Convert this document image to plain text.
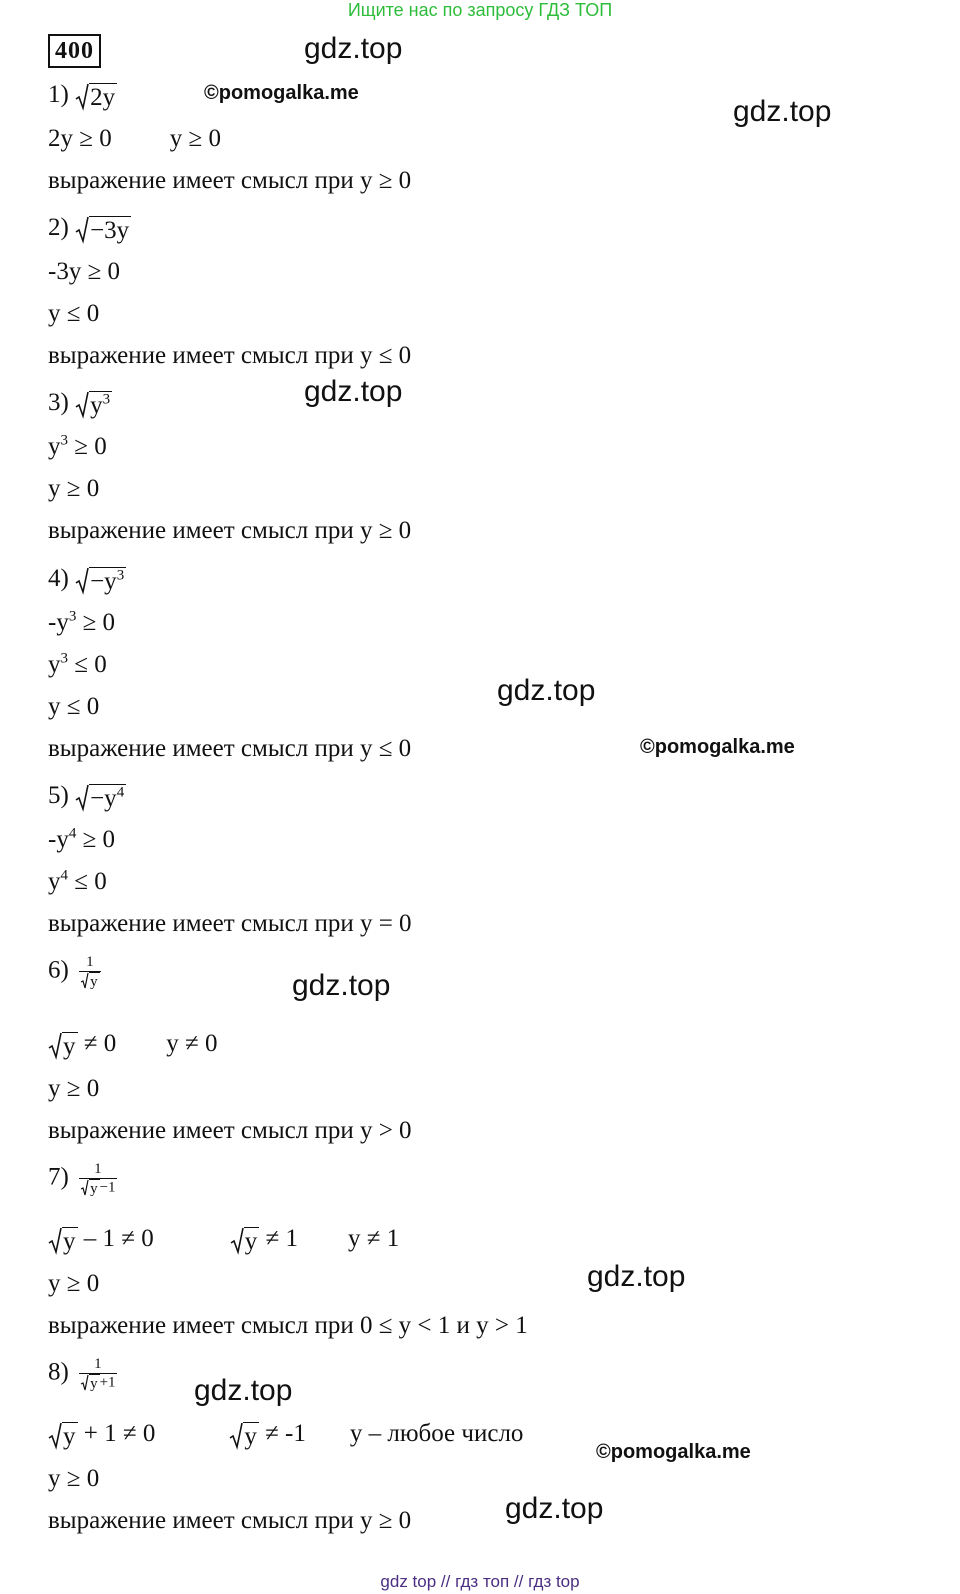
Ищите нас по запросу ГДЗ ТОП
400	gdz.top
©pomogalka.me
gdz.top
gdz.top
gdz.top
©pomogalka.me
gdz.top
gdz.top
gdz.top
©pomogalka.me
gdz.top
1) 2y
2y ≥ 0 y ≥ 0
выражение имеет смысл при y ≥ 0
2) −3y
-3y ≥ 0
y ≤ 0
выражение имеет смысл при y ≤ 0
3) $y^3$
$y^3 \ge 0$
y ≥ 0
выражение имеет смысл при y ≥ 0
$4) -y^3$
$-y^3 \ge 0$
$y^3 \le 0$
y ≤ 0
выражение имеет смысл при y ≤ 0
$5) -y^4$
$-y^4 \ge 0$
$y^4 \le 0$
выражение имеет смысл при y = 0
$6) \frac{1}{y}$
y ≠ 0 y ≠ 0
y ≥ 0
выражение имеет смысл при y > 0
$7) \frac{1}{y -1}$
y – 1 ≠ 0	y ≠ 1 y ≠ 1
y ≥ 0
выражение имеет смысл при 0 ≤ y < 1 и y > 1
$8) \frac{1}{y +1}$
y + 1 ≠ 0	y ≠ -1 y – любое число
y ≥ 0
выражение имеет смысл при y ≥ 0
gdz top // гдз топ // гдз top
